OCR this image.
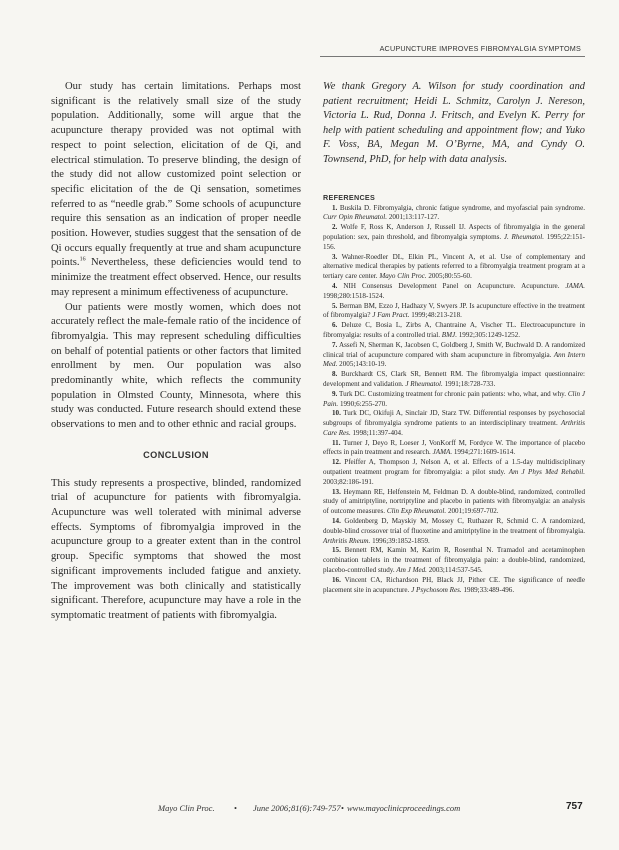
ACUPUNCTURE IMPROVES FIBROMYALGIA SYMPTOMS

Our study has certain limitations. Perhaps most significant is the relatively small size of the study population. Additionally, some will argue that the acupuncture therapy provided was not optimal with respect to point selection, elicitation of de Qi, and electrical stimulation. To preserve blinding, the design of the study did not allow customized point selection or specific elicitation of the de Qi sensation, sometimes referred to as “needle grab.” Some schools of acupuncture require this sensation as an indication of proper needle position. However, studies suggest that the sensation of de Qi occurs equally frequently at true and sham acupuncture points.$^{16}$ Nevertheless, these deficiencies would tend to minimize the treatment effect observed. Hence, our results may represent a minimum effectiveness of acupuncture.

Our patients were mostly women, which does not accurately reflect the male-female ratio of the incidence of fibromyalgia. This may represent scheduling difficulties on behalf of potential patients or other factors that limited enrollment by men. Our population was also predominantly white, which reflects the community population in Olmsted County, Minnesota, where this study was conducted. Future research should extend these observations to men and to other ethnic and racial groups.

CONCLUSION

This study represents a prospective, blinded, randomized trial of acupuncture for patients with fibromyalgia. Acupuncture was well tolerated with minimal adverse effects. Symptoms of fibromyalgia improved in the acupuncture group to a greater extent than in the control group. Specific symptoms that showed the most significant improvements included fatigue and anxiety. The improvement was both clinically and statistically significant. Therefore, acupuncture may have a role in the symptomatic treatment of patients with fibromyalgia.

We thank Gregory A. Wilson for study coordination and patient recruitment; Heidi L. Schmitz, Carolyn J. Nereson, Victoria L. Rud, Donna J. Fritsch, and Evelyn K. Perry for help with patient scheduling and appointment flow; and Yuko F. Voss, BA, Megan M. O’Byrne, MA, and Cyndy O. Townsend, PhD, for help with data analysis.

REFERENCES

1. Buskila D. Fibromyalgia, chronic fatigue syndrome, and myofascial pain syndrome. Curr Opin Rheumatol. 2001;13:117-127.

2. Wolfe F, Ross K, Anderson J, Russell IJ. Aspects of fibromyalgia in the general population: sex, pain threshold, and fibromyalgia symptoms. J. Rheumatol. 1995;22:151-156.

3. Wahner-Roedler DL, Elkin PL, Vincent A, et al. Use of complementary and alternative medical therapies by patients referred to a fibromyalgia treatment program at a tertiary care center. Mayo Clin Proc. 2005;80:55-60.

4. NIH Consensus Development Panel on Acupuncture. Acupuncture. JAMA. 1998;280:1518-1524.

5. Berman BM, Ezzo J, Hadhazy V, Swyers JP. Is acupuncture effective in the treatment of fibromyalgia? J Fam Pract. 1999;48:213-218.

6. Deluze C, Bosia L, Zirbs A, Chantraine A, Vischer TL. Electroacupuncture in fibromyalgia: results of a controlled trial. BMJ. 1992;305:1249-1252.

7. Assefi N, Sherman K, Jacobsen C, Goldberg J, Smith W, Buchwald D. A randomized clinical trial of acupuncture compared with sham acupuncture in fibromyalgia. Ann Intern Med. 2005;143:10-19.

8. Burckhardt CS, Clark SR, Bennett RM. The fibromyalgia impact questionnaire: development and validation. J Rheumatol. 1991;18:728-733.

9. Turk DC. Customizing treatment for chronic pain patients: who, what, and why. Clin J Pain. 1990;6:255-270.

10. Turk DC, Okifuji A, Sinclair JD, Starz TW. Differential responses by psychosocial subgroups of fibromyalgia syndrome patients to an interdisciplinary treatment. Arthritis Care Res. 1998;11:397-404.

11. Turner J, Deyo R, Loeser J, VonKorff M, Fordyce W. The importance of placebo effects in pain treatment and research. JAMA. 1994;271:1609-1614.

12. Pfeiffer A, Thompson J, Nelson A, et al. Effects of a 1.5-day multidisciplinary outpatient treatment program for fibromyalgia: a pilot study. Am J Phys Med Rehabil. 2003;82:186-191.

13. Heymann RE, Helfenstein M, Feldman D. A double-blind, randomized, controlled study of amitriptyline, nortriptyline and placebo in patients with fibromyalgia: an analysis of outcome measures. Clin Exp Rheumatol. 2001;19:697-702.

14. Goldenberg D, Mayskiy M, Mossey C, Ruthazer R, Schmid C. A randomized, double-blind crossover trial of fluoxetine and amitriptyline in the treatment of fibromyalgia. Arthritis Rheum. 1996;39:1852-1859.

15. Bennett RM, Kamin M, Karim R, Rosenthal N. Tramadol and acetaminophen combination tablets in the treatment of fibromyalgia pain: a double-blind, randomized, placebo-controlled study. Am J Med. 2003;114:537-545.

16. Vincent CA, Richardson PH, Black JJ, Pither CE. The significance of needle placement site in acupuncture. J Psychosom Res. 1989;33:489-496.

Mayo Clin Proc. • June 2006;81(6):749-757 • www.mayoclinicproceedings.com	757
